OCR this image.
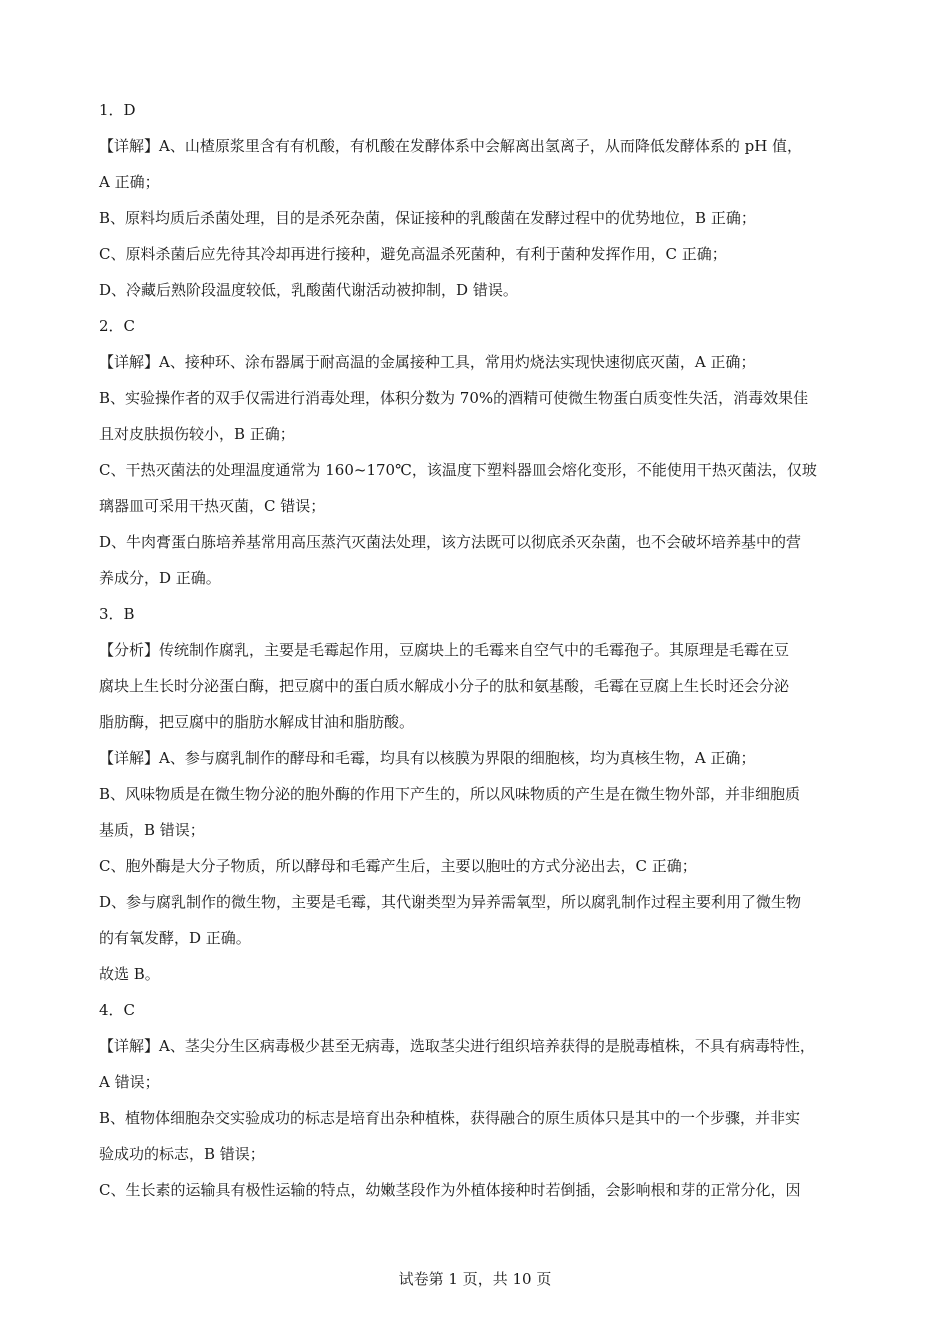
1．D
【详解】A、山楂原浆里含有有机酸，有机酸在发酵体系中会解离出氢离子，从而降低发酵体系的 pH 值，
A 正确；
B、原料均质后杀菌处理，目的是杀死杂菌，保证接种的乳酸菌在发酵过程中的优势地位，B 正确；
C、原料杀菌后应先待其冷却再进行接种，避免高温杀死菌种，有利于菌种发挥作用，C 正确；
D、冷藏后熟阶段温度较低，乳酸菌代谢活动被抑制，D 错误。
2．C
【详解】A、接种环、涂布器属于耐高温的金属接种工具，常用灼烧法实现快速彻底灭菌，A 正确；
B、实验操作者的双手仅需进行消毒处理，体积分数为 70%的酒精可使微生物蛋白质变性失活，消毒效果佳
且对皮肤损伤较小，B 正确；
C、干热灭菌法的处理温度通常为 160~170℃，该温度下塑料器皿会熔化变形，不能使用干热灭菌法，仅玻
璃器皿可采用干热灭菌，C 错误；
D、牛肉膏蛋白胨培养基常用高压蒸汽灭菌法处理，该方法既可以彻底杀灭杂菌，也不会破坏培养基中的营
养成分，D 正确。
3．B
【分析】传统制作腐乳，主要是毛霉起作用，豆腐块上的毛霉来自空气中的毛霉孢子。其原理是毛霉在豆
腐块上生长时分泌蛋白酶，把豆腐中的蛋白质水解成小分子的肽和氨基酸，毛霉在豆腐上生长时还会分泌
脂肪酶，把豆腐中的脂肪水解成甘油和脂肪酸。
【详解】A、参与腐乳制作的酵母和毛霉，均具有以核膜为界限的细胞核，均为真核生物，A 正确；
B、风味物质是在微生物分泌的胞外酶的作用下产生的，所以风味物质的产生是在微生物外部，并非细胞质
基质，B 错误；
C、胞外酶是大分子物质，所以酵母和毛霉产生后，主要以胞吐的方式分泌出去，C 正确；
D、参与腐乳制作的微生物，主要是毛霉，其代谢类型为异养需氧型，所以腐乳制作过程主要利用了微生物
的有氧发酵，D 正确。
故选 B。
4．C
【详解】A、茎尖分生区病毒极少甚至无病毒，选取茎尖进行组织培养获得的是脱毒植株，不具有病毒特性，
A 错误；
B、植物体细胞杂交实验成功的标志是培育出杂种植株，获得融合的原生质体只是其中的一个步骤，并非实
验成功的标志，B 错误；
C、生长素的运输具有极性运输的特点，幼嫩茎段作为外植体接种时若倒插，会影响根和芽的正常分化，因
试卷第 1 页，共 10 页
